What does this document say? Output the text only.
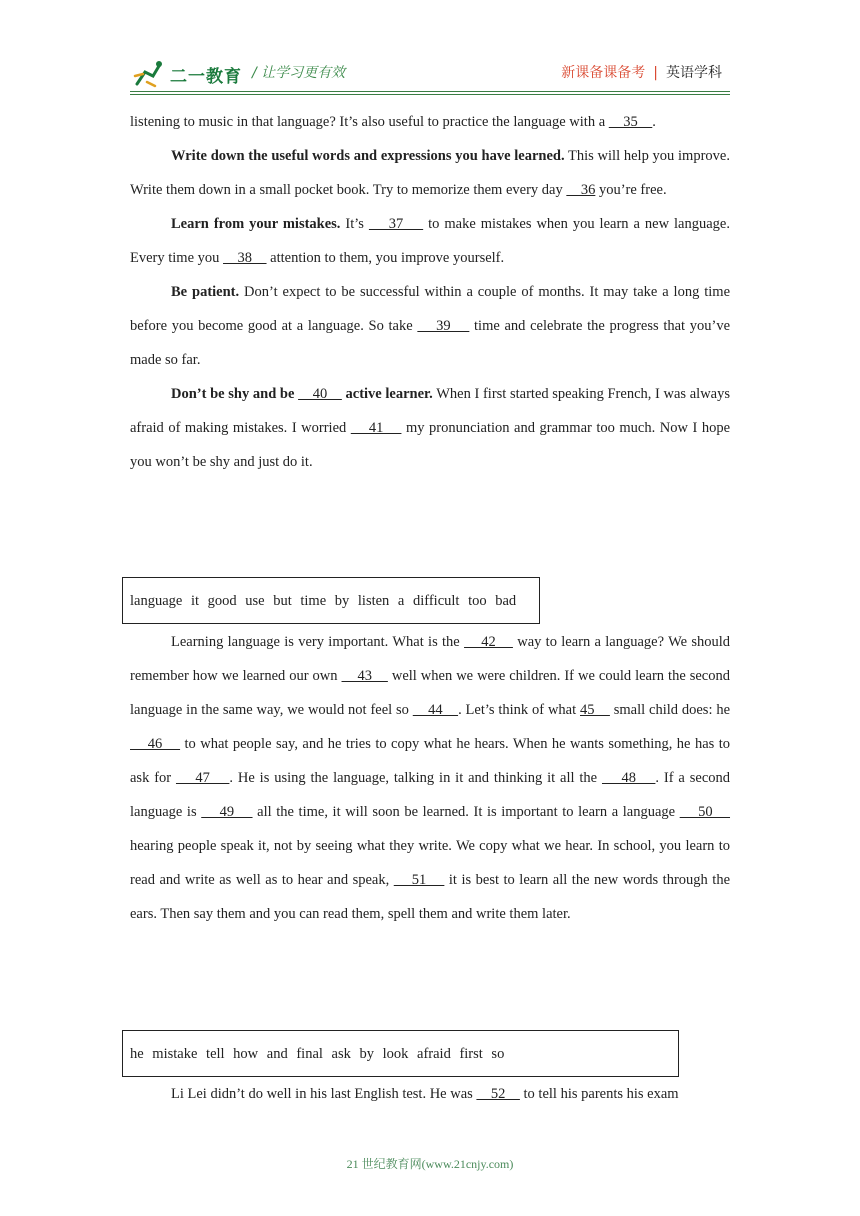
二一教育 / 让学习更有效	新课备课备考 | 英语学科

listening to music in that language? It’s also useful to practice the language with a     35    .

Write down the useful words and expressions you have learned. This will help you improve. Write them down in a small pocket book. Try to memorize them every day     36 you’re free.

Learn from your mistakes. It’s     37     to make mistakes when you learn a new language. Every time you     38     attention to them, you improve yourself.

Be patient. Don’t expect to be successful within a couple of months. It may take a long time before you become good at a language. So take     39     time and celebrate the progress that you’ve made so far.

Don’t be shy and be     40     active learner. When I first started speaking French, I was always afraid of making mistakes. I worried     41     my pronunciation and grammar too much. Now I hope you won’t be shy and just do it.

language it good use but time by listen a difficult too bad

Learning language is very important. What is the     42     way to learn a language? We should remember how we learned our own     43     well when we were children. If we could learn the second language in the same way, we would not feel so     44    . Let’s think of what 45     small child does: he     46     to what people say, and he tries to copy what he hears. When he wants something, he has to ask for     47    . He is using the language, talking in it and thinking it all the     48    . If a second language is     49     all the time, it will soon be learned. It is important to learn a language     50     hearing people speak it, not by seeing what they write. We copy what we hear. In school, you learn to read and write as well as to hear and speak,     51     it is best to learn all the new words through the ears. Then say them and you can read them, spell them and write them later.

he mistake tell how and final ask by look afraid first so

Li Lei didn’t do well in his last English test. He was     52     to tell his parents his exam

21 世纪教育网(www.21cnjy.com)
